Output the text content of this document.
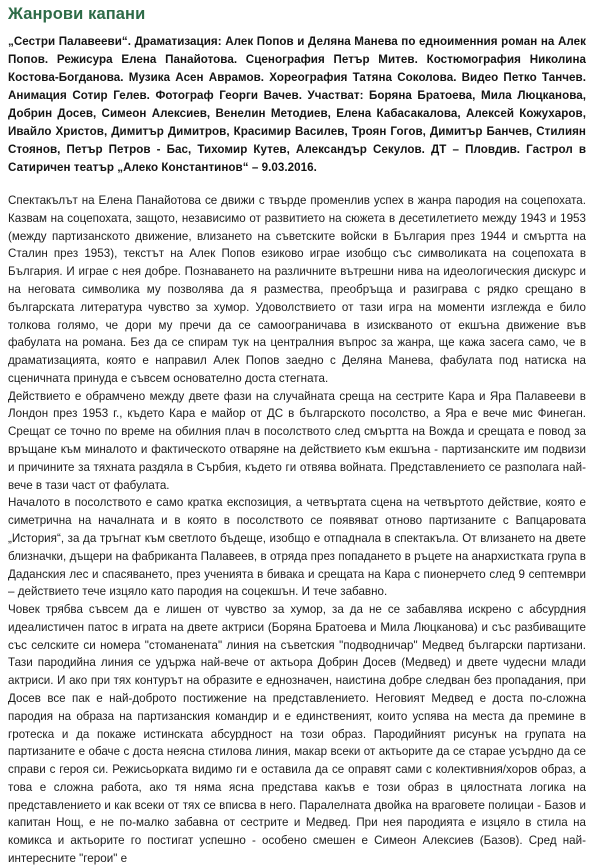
Жанрови капани

„Сестри Палавееви“. Драматизация: Алек Попов и Деляна Манева по едноименния роман на Алек Попов. Режисура Елена Панайотова. Сценография Петър Митев. Костюмография Николина Костова-Богданова. Музика Асен Аврамов. Хореография Татяна Соколова. Видео Петко Танчев. Анимация Сотир Гелев. Фотограф Георги Вачев. Участват: Боряна Братоева, Мила Люцканова, Добрин Досев, Симеон Алексиев, Венелин Методиев, Елена Кабасакалова, Алексей Кожухаров, Ивайло Христов, Димитър Димитров, Красимир Василев, Троян Гогов, Димитър Банчев, Стилиян Стоянов, Петър Петров - Бас, Тихомир Кутев, Александър Секулов. ДТ – Пловдив. Гастрол в Сатиричен театър „Алеко Константинов“ – 9.03.2016.

Спектакълът на Елена Панайотова се движи с твърде променлив успех в жанра пародия на соцепохата. Казвам на соцепохата, защото, независимо от развитието на сюжета в десетилетието между 1943 и 1953 (между партизанското движение, влизането на съветските войски в България през 1944 и смъртта на Сталин през 1953), текстът на Алек Попов езиково играе изобщо със символиката на соцепохата в България. И играе с нея добре. Познаването на различните вътрешни нива на идеологическия дискурс и на неговата символика му позволява да я размества, преобръща и разиграва с рядко срещано в българската литература чувство за хумор. Удоволствието от тази игра на моменти изглежда е било толкова голямо, че дори му пречи да се самоограничава в изискваното от екшъна движение във фабулата на романа. Без да се спирам тук на централния въпрос за жанра, ще кажа засега само, че в драматизацията, която е направил Алек Попов заедно с Деляна Манева, фабулата под натиска на сценичната принуда е съвсем основателно доста стегната.

Действието е обрамчено между двете фази на случайната среща на сестрите Кара и Яра Палавееви в Лондон през 1953 г., където Кара е майор от ДС в българското посолство, а Яра е вече мис Финеган. Срещат се точно по време на обилния плач в посолството след смъртта на Вожда и срещата е повод за връщане към миналото и фактическото отваряне на действието към екшъна - партизанските им подвизи и причините за тяхната раздяла в Сърбия, където ги отвява войната. Представлението се разполага най-вече в тази част от фабулата.

Началото в посолството е само кратка експозиция, а четвъртата сцена на четвъртото действие, която е симетрична на началната и в която в посолството се появяват отново партизаните с Вапцаровата „История“, за да тръгнат към светлото бъдеще, изобщо е отпаднала в спектакъла. От влизането на двете близначки, дъщери на фабриканта Палавеев, в отряда през попадането в ръцете на анархистката група в Даданския лес и спасяването, през ученията в бивака и срещата на Кара с пионерчето след 9 септември – действието тече изцяло като пародия на соцекшън. И тече забавно.

Човек трябва съвсем да е лишен от чувство за хумор, за да не се забавлява искрено с абсурдния идеалистичен патос в играта на двете актриси (Боряна Братоева и Мила Люцканова) и със разбиващите със селските си номера "стоманената" линия на съветския "подводничар" Медвед български партизани. Тази пародийна линия се удържа най-вече от актьора Добрин Досев (Медвед) и двете чудесни млади актриси. И ако при тях контурът на образите е еднозначен, наистина добре следван без пропадания, при Досев все пак е най-доброто постижение на представлението. Неговият Медвед е доста по-сложна пародия на образа на партизанския командир и е единственият, които успява на места да премине в гротеска и да покаже истинската абсурдност на този образ. Пародийният рисунък на групата на партизаните е обаче с доста неясна стилова линия, макар всеки от актьорите да се старае усърдно да се справи с героя си. Режисьорката видимо ги е оставила да се оправят сами с колективния/хоров образ, а това е сложна работа, ако тя няма ясна представа какъв е този образ в цялостната логика на представлението и как всеки от тях се вписва в него. Паралелната двойка на враговете полицаи - Базов и капитан Нощ, е не по-малко забавна от сестрите и Медвед. При нея пародията е изцяло в стила на комикса и актьорите го постигат успешно - особено смешен е Симеон Алексиев (Базов). Сред най-интересните "герои" е
